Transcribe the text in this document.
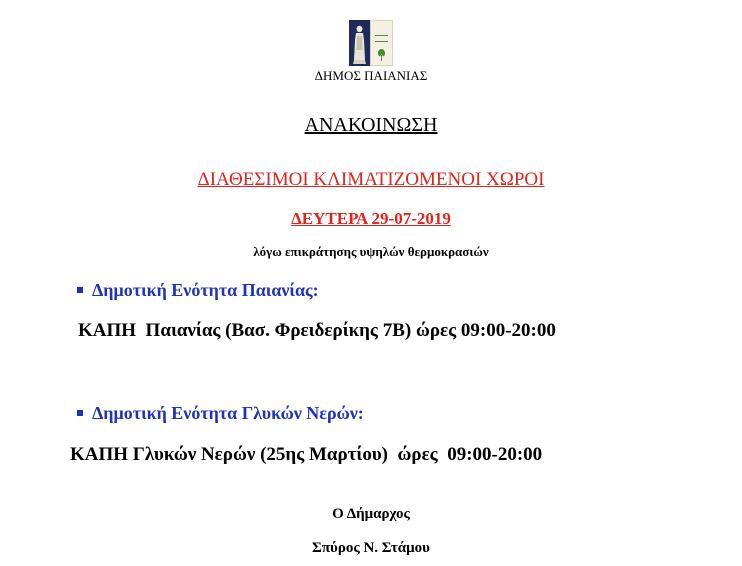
ΔΗΜΟΣ ΠΑΙΑΝΙΑΣ
ΑΝΑΚΟΙΝΩΣΗ
ΔΙΑΘΕΣΙΜΟΙ ΚΛΙΜΑΤΙΖΟΜΕΝΟΙ ΧΩΡΟΙ
ΔΕΥΤΕΡΑ 29-07-2019
λόγω επικράτησης υψηλών θερμοκρασιών
Δημοτική Ενότητα Παιανίας:
ΚΑΠΗ  Παιανίας (Βασ. Φρειδερίκης 7Β) ώρες 09:00-20:00
Δημοτική Ενότητα Γλυκών Νερών:
ΚΑΠΗ Γλυκών Νερών (25ης Μαρτίου)  ώρες  09:00-20:00
Ο Δήμαρχος
Σπύρος Ν. Στάμου
